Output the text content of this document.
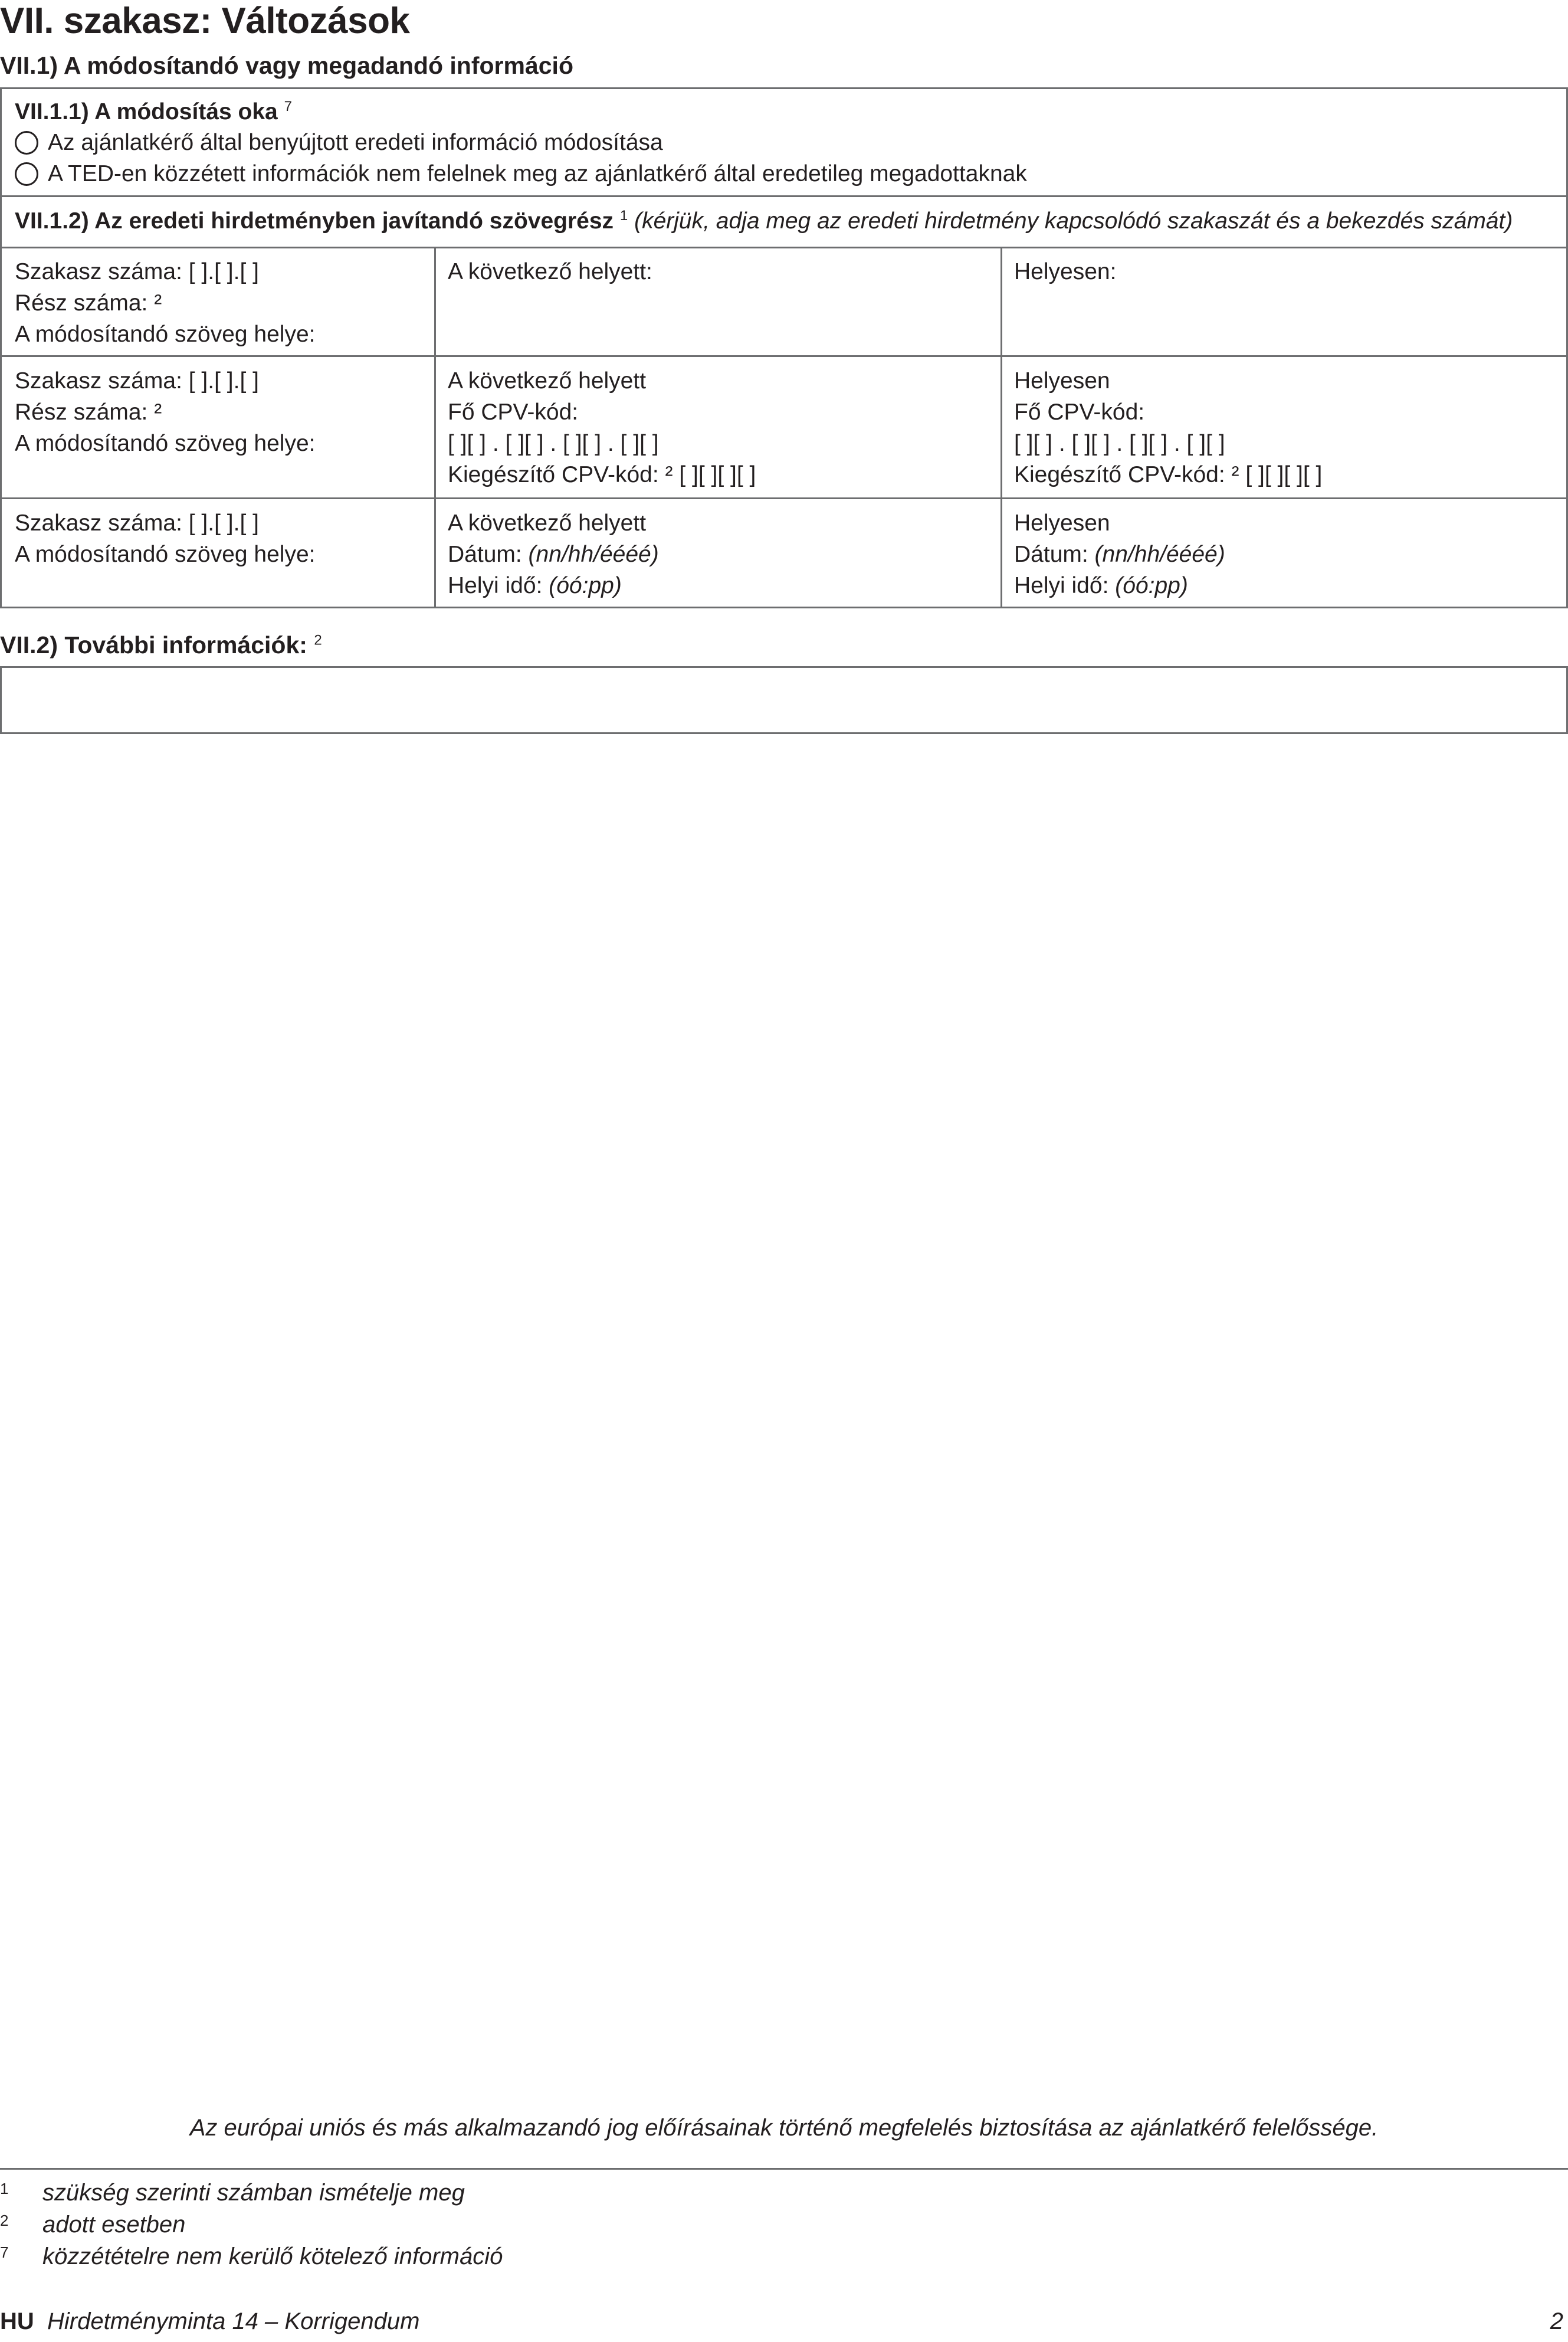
VII. szakasz: Változások
VII.1) A módosítandó vagy megadandó információ
VII.1.1) A módosítás oka $^7$
Az ajánlatkérő által benyújtott eredeti információ módosítása
A TED-en közzétett információk nem felelnek meg az ajánlatkérő által eredetileg megadottaknak
VII.1.2) Az eredeti hirdetményben javítandó szövegrész $^1$ (kérjük, adja meg az eredeti hirdetmény kapcsolódó szakaszát és a bekezdés számát)
Szakasz száma: [ ].[ ].[ ]
Rész száma: ²
A módosítandó szöveg helye:
A következő helyett:	Helyesen:
Szakasz száma: [ ].[ ].[ ]
Rész száma: ²
A módosítandó szöveg helye:
A következő helyett
Fő CPV-kód:
[ ][ ] . [ ][ ] . [ ][ ] . [ ][ ]
Kiegészítő CPV-kód: ² [ ][ ][ ][ ]
Helyesen
Fő CPV-kód:
[ ][ ] . [ ][ ] . [ ][ ] . [ ][ ]
Kiegészítő CPV-kód: ² [ ][ ][ ][ ]
Szakasz száma: [ ].[ ].[ ]
A módosítandó szöveg helye:
A következő helyett
Dátum: (nn/hh/éééé)
Helyi idő: (óó:pp)
Helyesen
Dátum: (nn/hh/éééé)
Helyi idő: (óó:pp)
VII.2) További információk: $^2$
Az európai uniós és más alkalmazandó jog előírásainak történő megfelelés biztosítása az ajánlatkérő felelőssége.
1 szükség szerinti számban ismételje meg
2 adott esetben
7 közzétételre nem kerülő kötelező információ
HU Hirdetményminta 14 – Korrigendum	2
